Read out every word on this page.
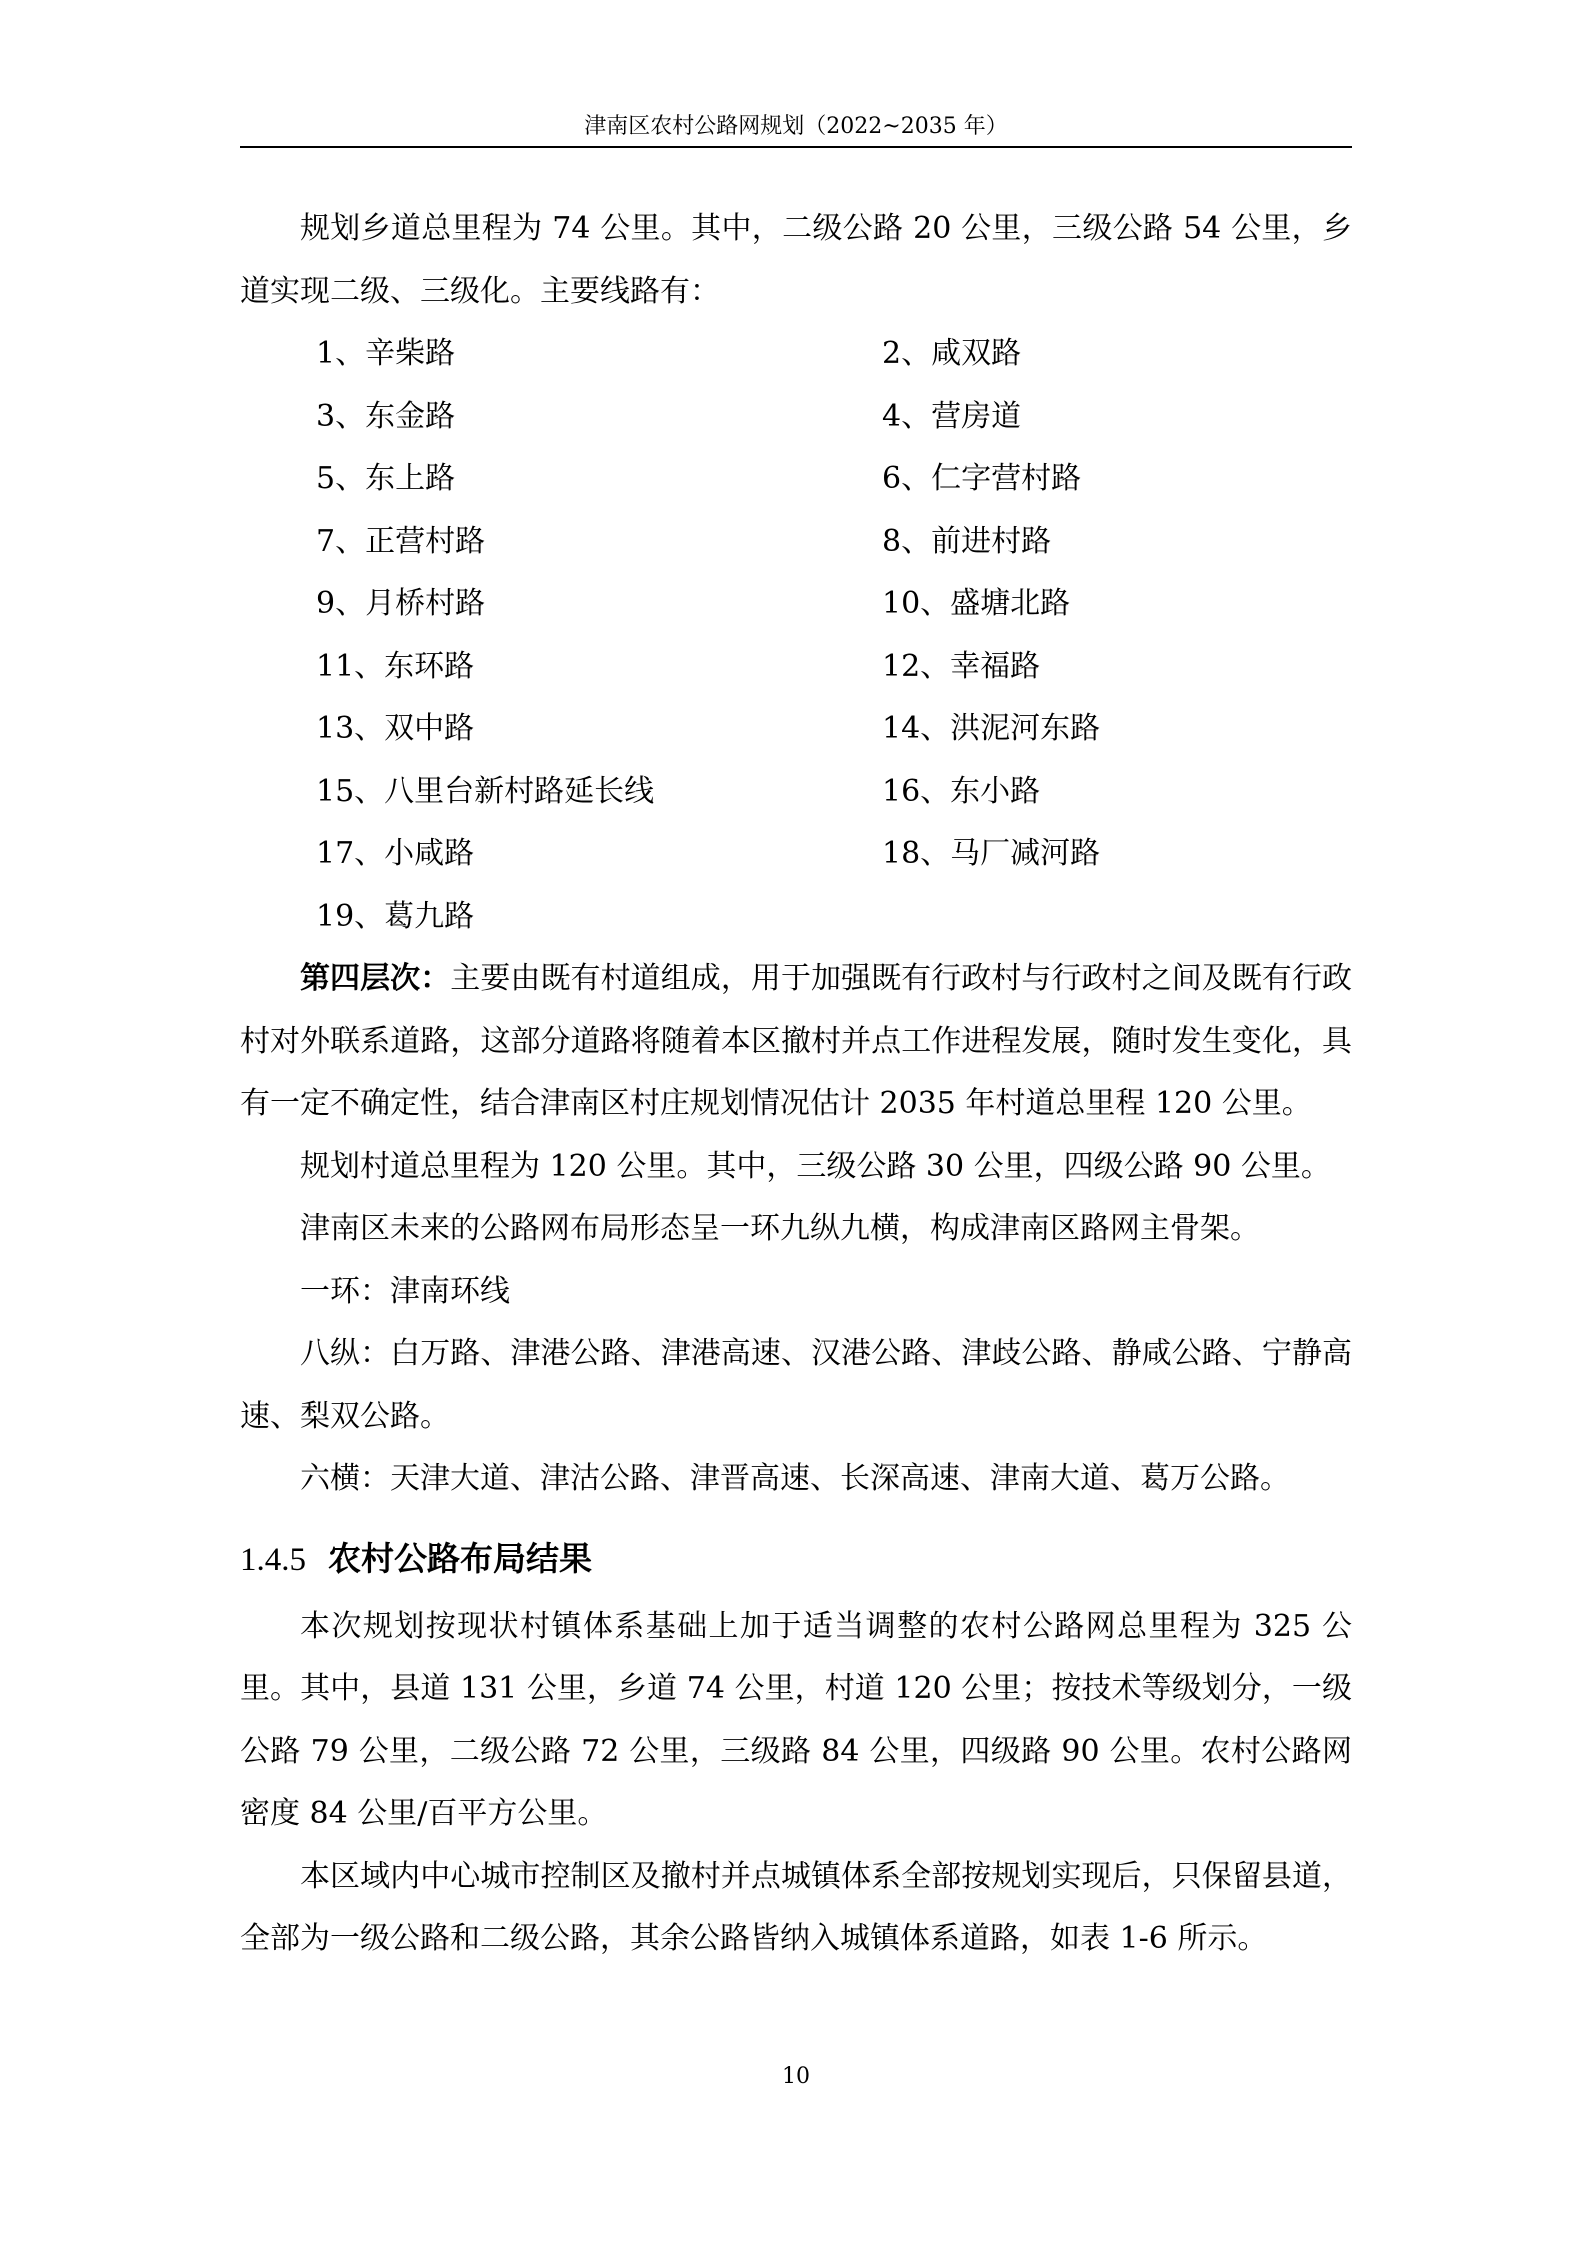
津南区农村公路网规划（2022~2035 年）

规划乡道总里程为 74 公里。其中，二级公路 20 公里，三级公路 54 公里，乡道实现二级、三级化。主要线路有：

1、辛柴路	2、咸双路
3、东金路	4、营房道
5、东上路	6、仁字营村路
7、正营村路	8、前进村路
9、月桥村路	10、盛塘北路
11、东环路	12、幸福路
13、双中路	14、洪泥河东路
15、八里台新村路延长线	16、东小路
17、小咸路	18、马厂减河路
19、葛九路

第四层次：主要由既有村道组成，用于加强既有行政村与行政村之间及既有行政村对外联系道路，这部分道路将随着本区撤村并点工作进程发展，随时发生变化，具有一定不确定性，结合津南区村庄规划情况估计 2035 年村道总里程 120 公里。

规划村道总里程为 120 公里。其中，三级公路 30 公里，四级公路 90 公里。

津南区未来的公路网布局形态呈一环九纵九横，构成津南区路网主骨架。

一环：津南环线

八纵：白万路、津港公路、津港高速、汉港公路、津歧公路、静咸公路、宁静高速、梨双公路。

六横：天津大道、津沽公路、津晋高速、长深高速、津南大道、葛万公路。

1.4.5 农村公路布局结果

本次规划按现状村镇体系基础上加于适当调整的农村公路网总里程为 325 公里。其中，县道 131 公里，乡道 74 公里，村道 120 公里；按技术等级划分，一级公路 79 公里，二级公路 72 公里，三级路 84 公里，四级路 90 公里。农村公路网密度 84 公里/百平方公里。

本区域内中心城市控制区及撤村并点城镇体系全部按规划实现后，只保留县道，全部为一级公路和二级公路，其余公路皆纳入城镇体系道路，如表 1-6 所示。

10
